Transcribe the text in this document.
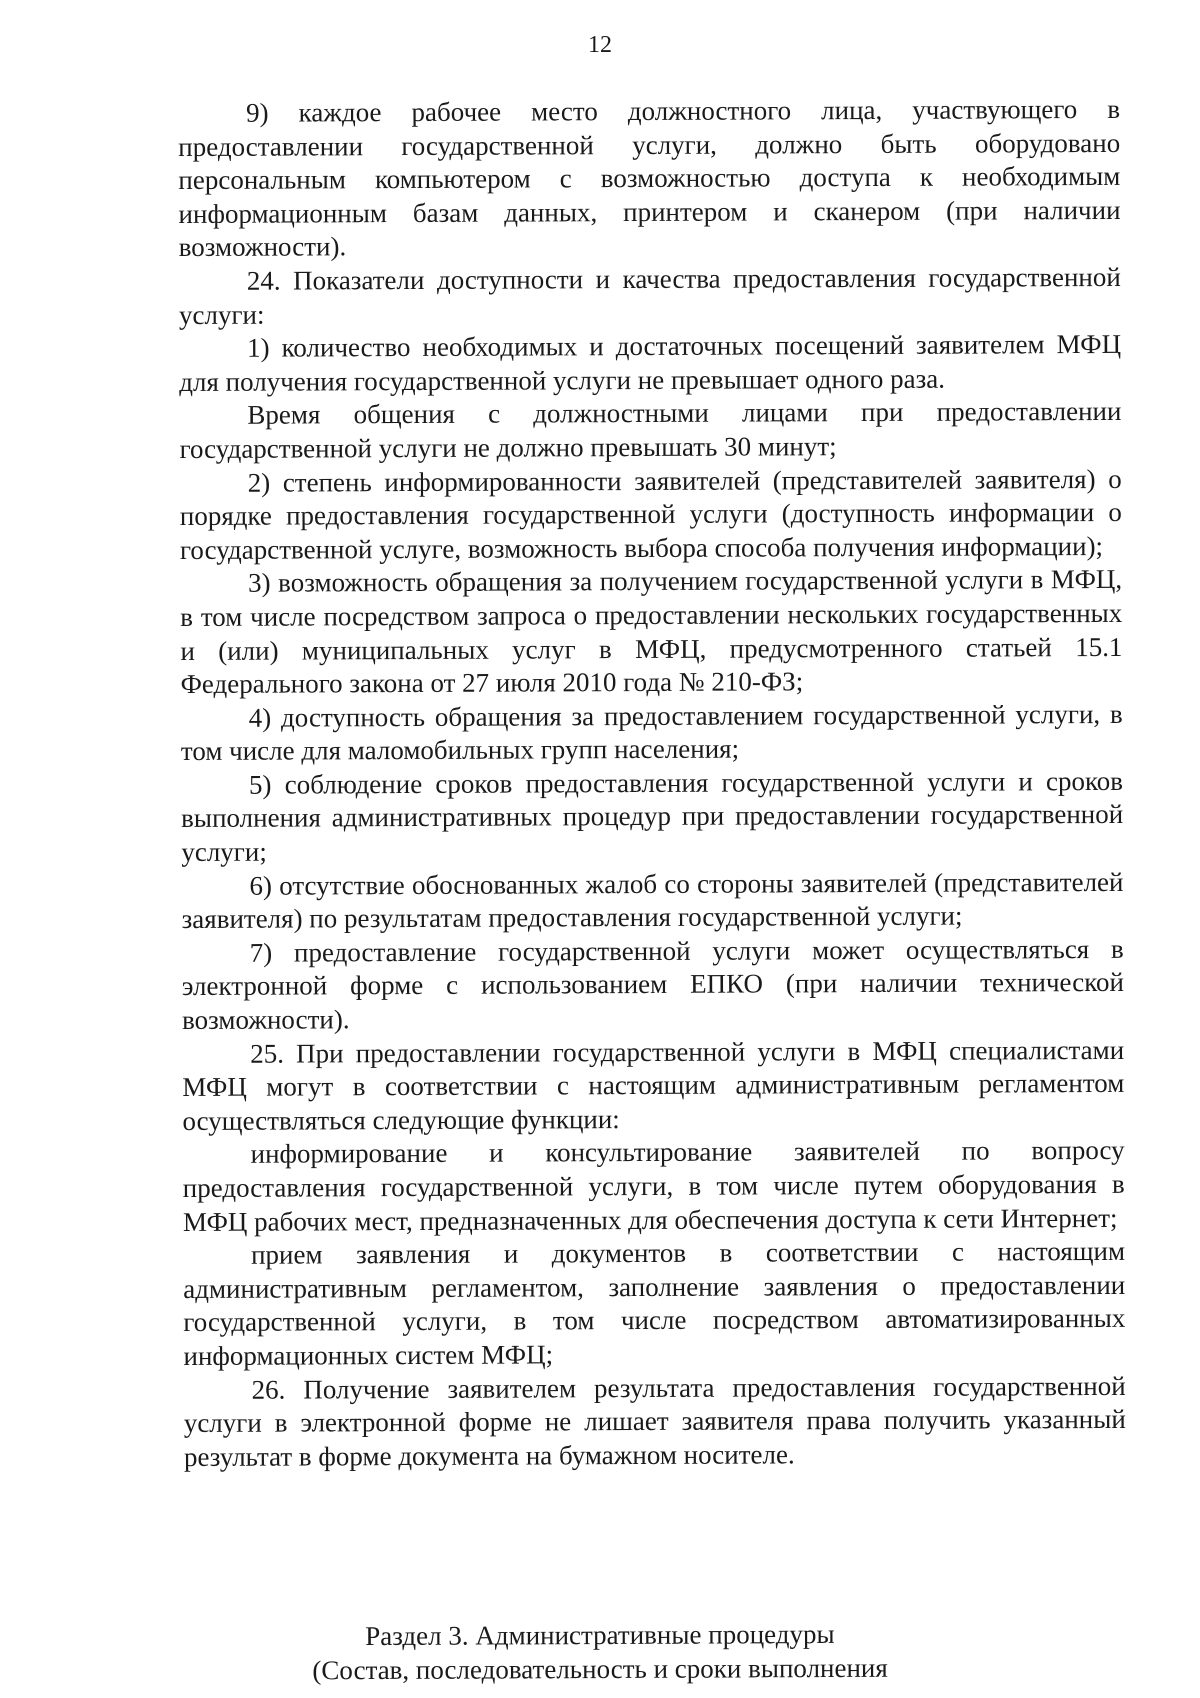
12

9) каждое рабочее место должностного лица, участвующего в предоставлении государственной услуги, должно быть оборудовано персональным компьютером с возможностью доступа к необходимым информационным базам данных, принтером и сканером (при наличии возможности).

24. Показатели доступности и качества предоставления государственной услуги:

1) количество необходимых и достаточных посещений заявителем МФЦ для получения государственной услуги не превышает одного раза.

Время общения с должностными лицами при предоставлении государственной услуги не должно превышать 30 минут;

2) степень информированности заявителей (представителей заявителя) о порядке предоставления государственной услуги (доступность информации о государственной услуге, возможность выбора способа получения информации);

3) возможность обращения за получением государственной услуги в МФЦ, в том числе посредством запроса о предоставлении нескольких государственных и (или) муниципальных услуг в МФЦ, предусмотренного статьей 15.1 Федерального закона от 27 июля 2010 года № 210-ФЗ;

4) доступность обращения за предоставлением государственной услуги, в том числе для маломобильных групп населения;

5) соблюдение сроков предоставления государственной услуги и сроков выполнения административных процедур при предоставлении государственной услуги;

6) отсутствие обоснованных жалоб со стороны заявителей (представителей заявителя) по результатам предоставления государственной услуги;

7) предоставление государственной услуги может осуществляться в электронной форме с использованием ЕПКО (при наличии технической возможности).

25. При предоставлении государственной услуги в МФЦ специалистами МФЦ могут в соответствии с настоящим административным регламентом осуществляться следующие функции:

информирование и консультирование заявителей по вопросу предоставления государственной услуги, в том числе путем оборудования в МФЦ рабочих мест, предназначенных для обеспечения доступа к сети Интернет;

прием заявления и документов в соответствии с настоящим административным регламентом, заполнение заявления о предоставлении государственной услуги, в том числе посредством автоматизированных информационных систем МФЦ;

26. Получение заявителем результата предоставления государственной услуги в электронной форме не лишает заявителя права получить указанный результат в форме документа на бумажном носителе.

Раздел 3. Административные процедуры
(Состав, последовательность и сроки выполнения
